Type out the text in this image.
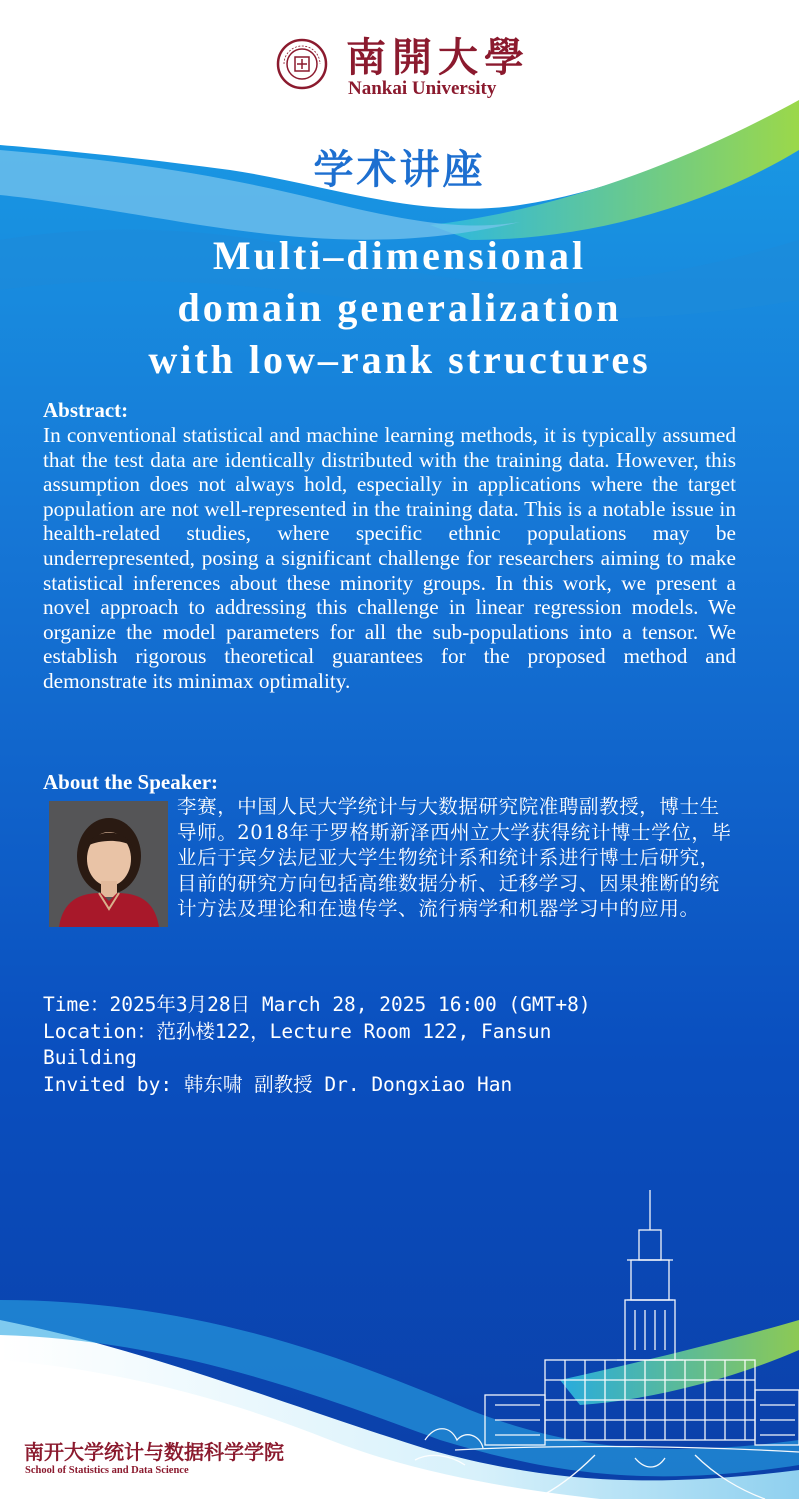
南開大學
Nankai University
学术讲座
Multi–dimensional
domain generalization
with low–rank structures
Abstract:
In conventional statistical and machine learning methods, it is typically assumed that the test data are identically distributed with the training data. However, this assumption does not always hold, especially in applications where the target population are not well-represented in the training data. This is a notable issue in health-related studies, where specific ethnic populations may be underrepresented, posing a significant challenge for researchers aiming to make statistical inferences about these minority groups. In this work, we present a novel approach to addressing this challenge in linear regression models. We organize the model parameters for all the sub-populations into a tensor. We establish rigorous theoretical guarantees for the proposed method and demonstrate its minimax optimality.
About the Speaker:
李赛，中国人民大学统计与大数据研究院准聘副教授，博士生导师。2018年于罗格斯新泽西州立大学获得统计博士学位，毕业后于宾夕法尼亚大学生物统计系和统计系进行博士后研究，目前的研究方向包括高维数据分析、迁移学习、因果推断的统计方法及理论和在遗传学、流行病学和机器学习中的应用。
Time：2025年3月28日 March 28, 2025 16:00 (GMT+8)
Location：范孙楼122，Lecture Room 122, Fansun
Building
Invited by: 韩东啸 副教授 Dr. Dongxiao Han
南开大学统计与数据科学学院
School of Statistics and Data Science
